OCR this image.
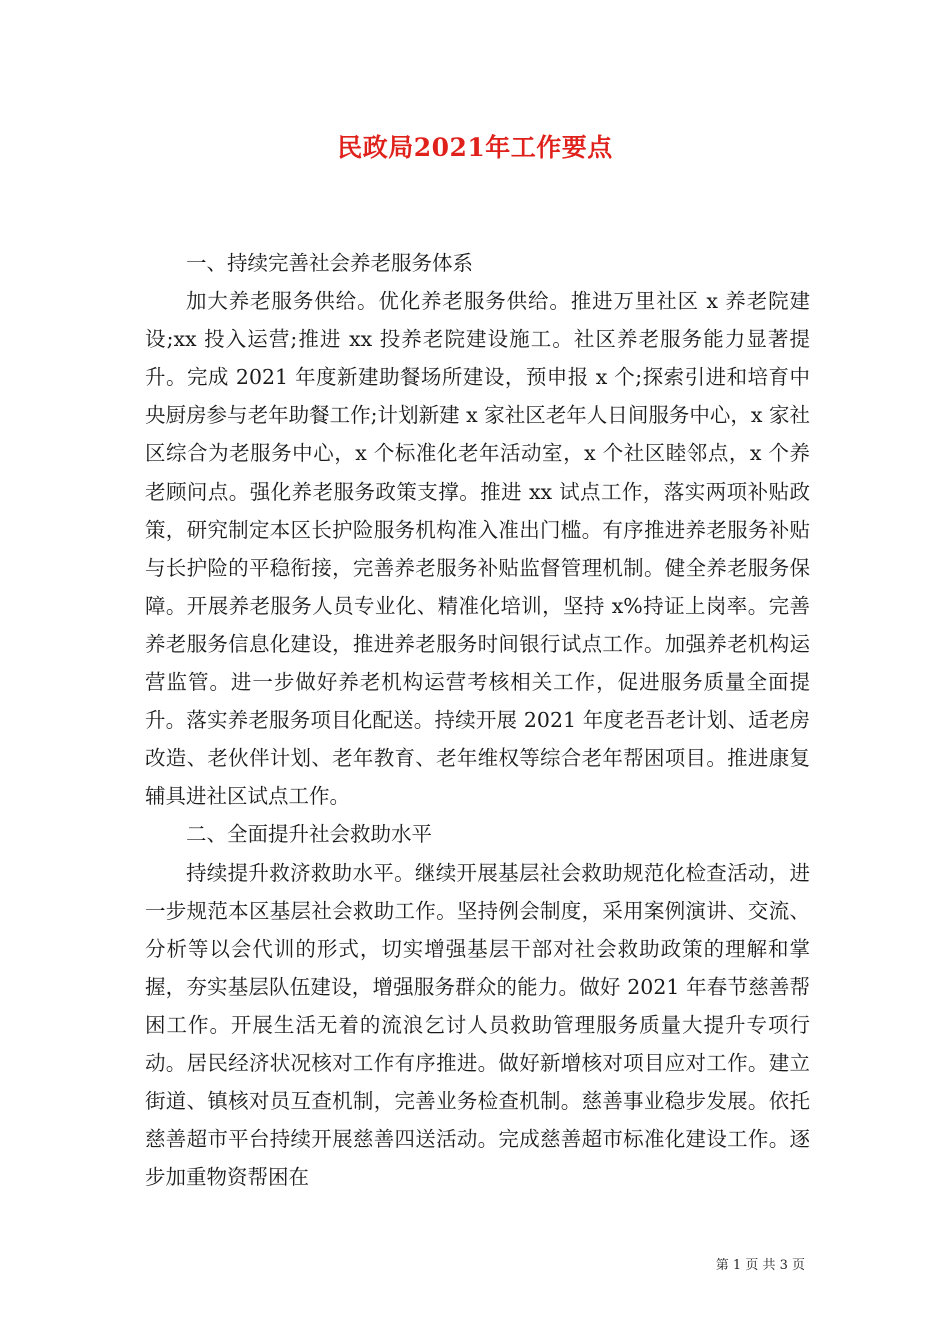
民政局2021年工作要点

一、持续完善社会养老服务体系

加大养老服务供给。优化养老服务供给。推进万里社区 x 养老院建设;xx 投入运营;推进 xx 投养老院建设施工。社区养老服务能力显著提升。完成 2021 年度新建助餐场所建设，预申报 x 个;探索引进和培育中央厨房参与老年助餐工作;计划新建 x 家社区老年人日间服务中心，x 家社区综合为老服务中心，x 个标准化老年活动室，x 个社区睦邻点，x 个养老顾问点。强化养老服务政策支撑。推进 xx 试点工作，落实两项补贴政策，研究制定本区长护险服务机构准入准出门槛。有序推进养老服务补贴与长护险的平稳衔接，完善养老服务补贴监督管理机制。健全养老服务保障。开展养老服务人员专业化、精准化培训，坚持 x%持证上岗率。完善养老服务信息化建设，推进养老服务时间银行试点工作。加强养老机构运营监管。进一步做好养老机构运营考核相关工作，促进服务质量全面提升。落实养老服务项目化配送。持续开展 2021 年度老吾老计划、适老房改造、老伙伴计划、老年教育、老年维权等综合老年帮困项目。推进康复辅具进社区试点工作。

二、全面提升社会救助水平

持续提升救济救助水平。继续开展基层社会救助规范化检查活动，进一步规范本区基层社会救助工作。坚持例会制度，采用案例演讲、交流、分析等以会代训的形式，切实增强基层干部对社会救助政策的理解和掌握，夯实基层队伍建设，增强服务群众的能力。做好 2021 年春节慈善帮困工作。开展生活无着的流浪乞讨人员救助管理服务质量大提升专项行动。居民经济状况核对工作有序推进。做好新增核对项目应对工作。建立街道、镇核对员互查机制，完善业务检查机制。慈善事业稳步发展。依托慈善超市平台持续开展慈善四送活动。完成慈善超市标准化建设工作。逐步加重物资帮困在

第 1 页 共 3 页
